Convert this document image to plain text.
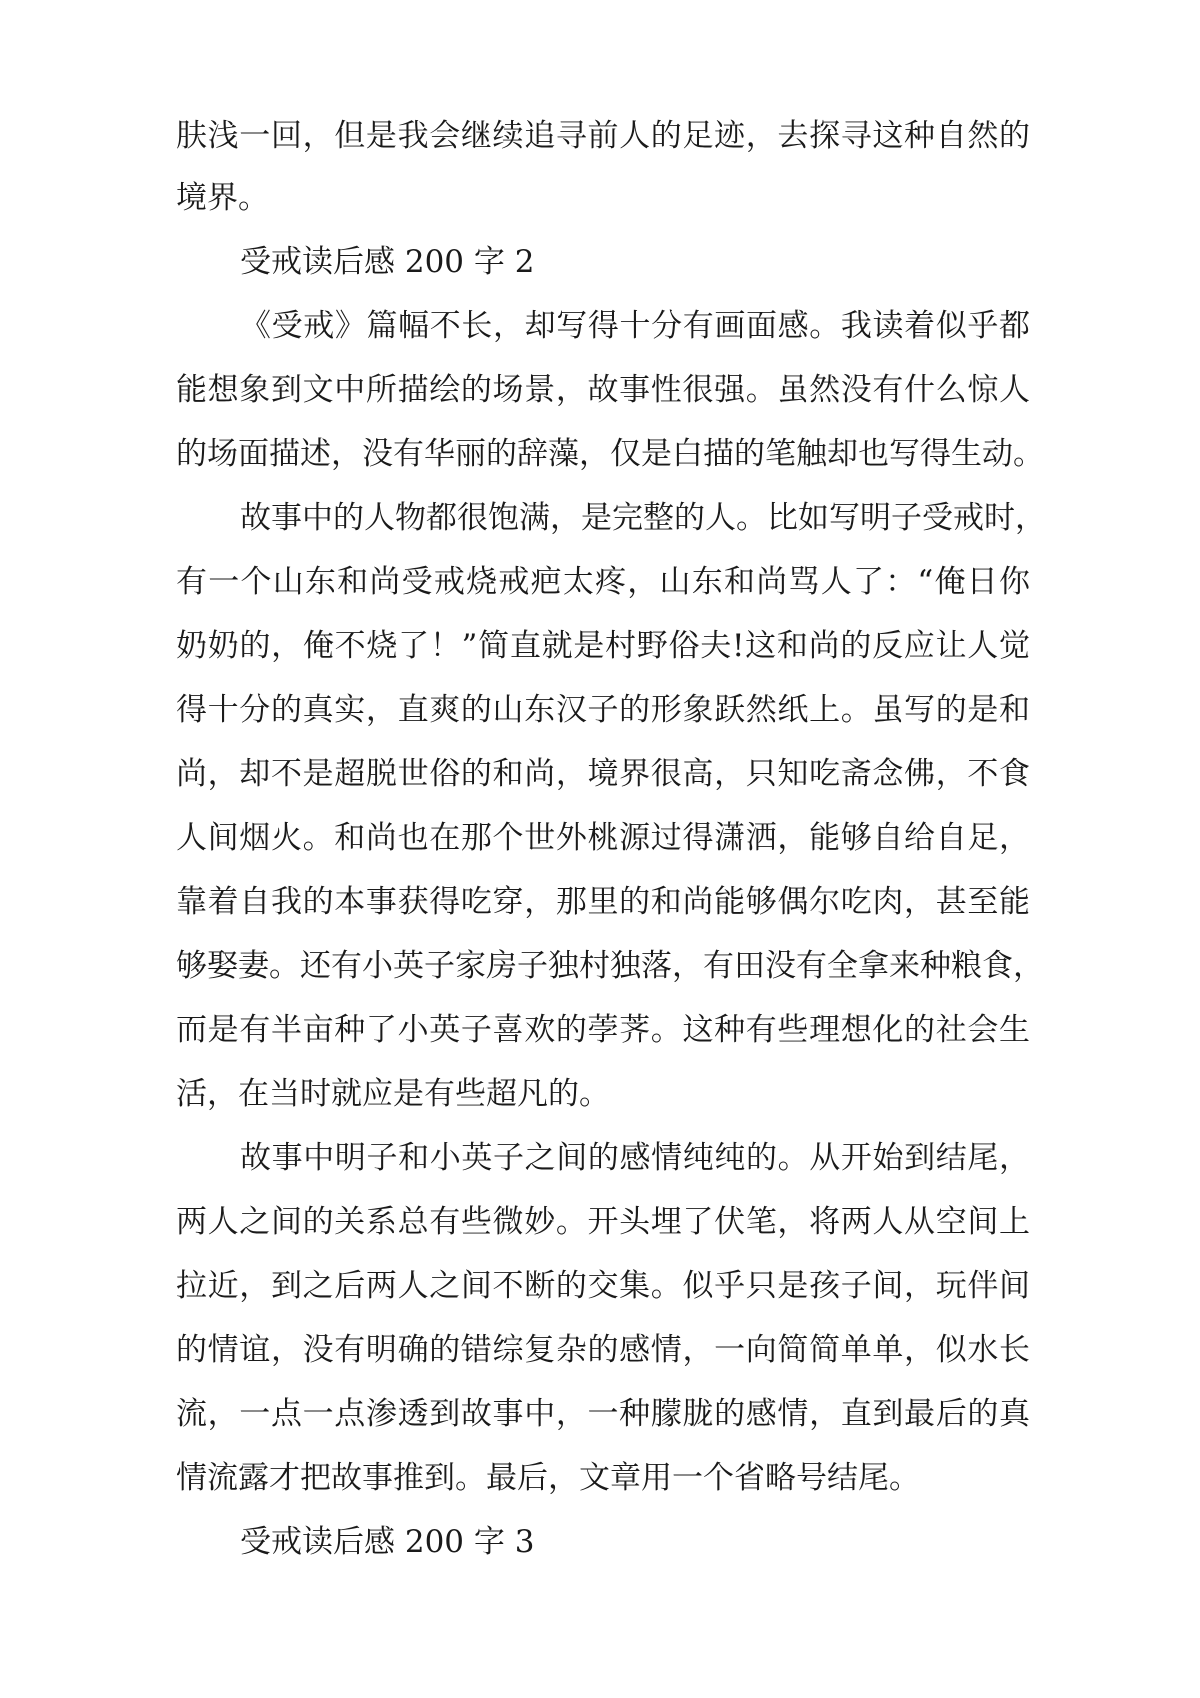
肤浅一回，但是我会继续追寻前人的足迹，去探寻这种自然的

境界。

受戒读后感 200 字 2

《受戒》篇幅不长，却写得十分有画面感。我读着似乎都

能想象到文中所描绘的场景，故事性很强。虽然没有什么惊人

的场面描述，没有华丽的辞藻，仅是白描的笔触却也写得生动。

故事中的人物都很饱满，是完整的人。比如写明子受戒时，

有一个山东和尚受戒烧戒疤太疼，山东和尚骂人了：“俺日你

奶奶的，俺不烧了！”简直就是村野俗夫!这和尚的反应让人觉

得十分的真实，直爽的山东汉子的形象跃然纸上。虽写的是和

尚，却不是超脱世俗的和尚，境界很高，只知吃斋念佛，不食

人间烟火。和尚也在那个世外桃源过得潇洒，能够自给自足，

靠着自我的本事获得吃穿，那里的和尚能够偶尔吃肉，甚至能

够娶妻。还有小英子家房子独村独落，有田没有全拿来种粮食，

而是有半亩种了小英子喜欢的荸荠。这种有些理想化的社会生

活，在当时就应是有些超凡的。

故事中明子和小英子之间的感情纯纯的。从开始到结尾，

两人之间的关系总有些微妙。开头埋了伏笔，将两人从空间上

拉近，到之后两人之间不断的交集。似乎只是孩子间，玩伴间

的情谊，没有明确的错综复杂的感情，一向简简单单，似水长

流，一点一点渗透到故事中，一种朦胧的感情，直到最后的真

情流露才把故事推到。最后，文章用一个省略号结尾。

受戒读后感 200 字 3
